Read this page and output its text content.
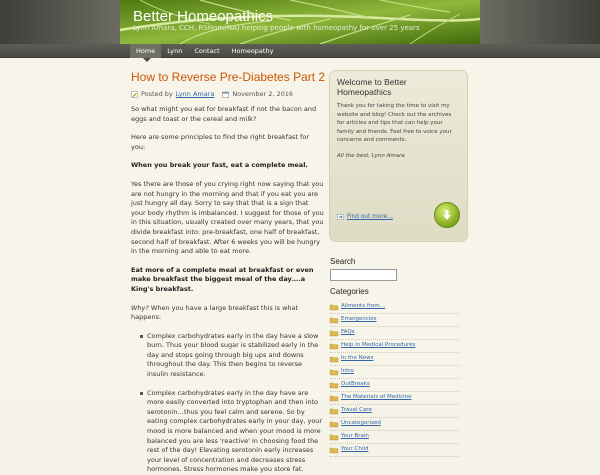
Better Homeopathics
Lynn Amara, CCH, RSHom(NA) helping people with homeopathy for over 25 years
Home	Lynn	Contact	Homeopathy
How to Reverse Pre-Diabetes Part 2
Posted by Lynn Amara	November 2, 2016

So what might you eat for breakfast if not the bacon and eggs and toast or the cereal and milk?

Here are some principles to find the right breakfast for you:

When you break your fast, eat a complete meal.

Yes there are those of you crying right now saying that you are not hungry in the morning and that if you eat you are just hungry all day. Sorry to say that that is a sign that your body rhythm is imbalanced. I suggest for those of you in this situation, usually created over many years, that you divide breakfast into: pre-breakfast, one half of breakfast, second half of breakfast. After 6 weeks you will be hungry in the morning and able to eat more.

Eat more of a complete meal at breakfast or even make breakfast the biggest meal of the day….a King's breakfast.

Why? When you have a large breakfast this is what happens:

Complex carbohydrates early in the day have a slow burn. Thus your blood sugar is stabilized early in the day and stops going through big ups and downs throughout the day. This then begins to reverse insulin resistance.
Complex carbohydrates early in the day have are more easily converted into tryptophan and then into serotonin…thus you feel calm and serene. So by eating complex carbohydrates early in your day, your mood is more balanced and when your mood is more balanced you are less 'reactive' in choosing food the rest of the day! Elevating serotonin early increases your level of concentration and decreases stress hormones. Stress hormones make you store fat.
Welcome to Better Homeopathics
Thank you for taking the time to visit my website and blog! Check out the archives for articles and tips that can help your family and friends. Feel free to voice your concerns and comments.
All the best, Lynn Amara
Find out more…
Search
Categories
Ailments from…
Emergencies
FAQs
Help in Medical Procedures
In the News
Intro
OutBreaks
The Materials of Medicine
Travel Care
Uncategorized
Your Brain
Your Child
